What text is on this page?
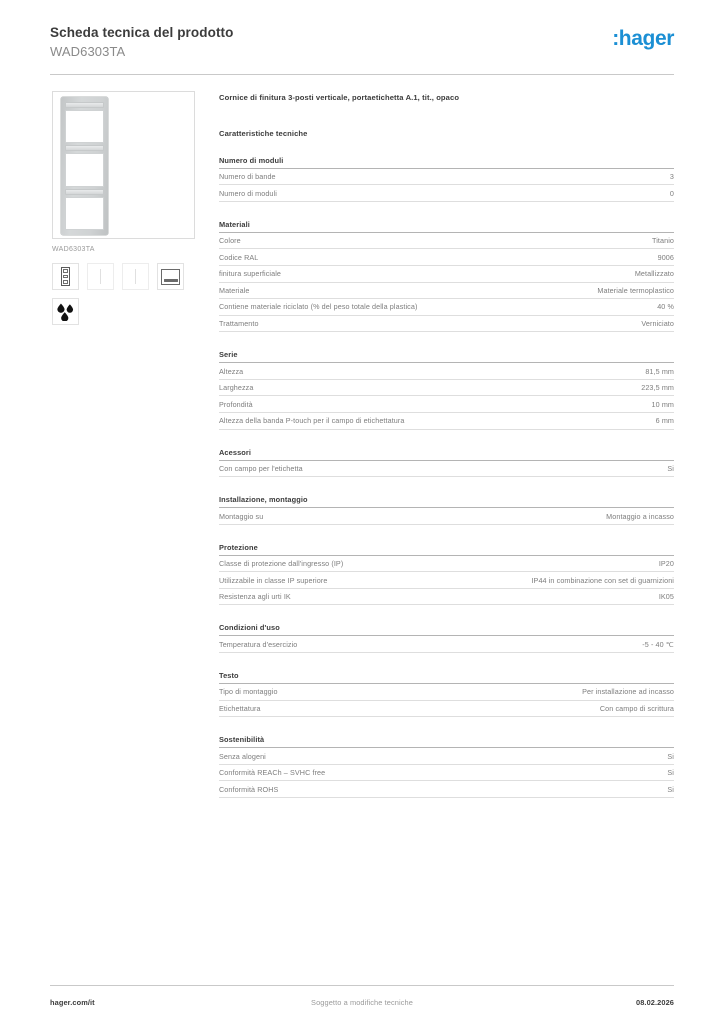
Scheda tecnica del prodotto
WAD6303TA
:hager
WAD6303TA
Cornice di finitura 3-posti verticale, portaetichetta A.1, tit., opaco
Caratteristiche tecniche
Numero di moduli
Numero di bande	3
Numero di moduli	0
Materiali
Colore	Titanio
Codice RAL	9006
finitura superficiale	Metallizzato
Materiale	Materiale termoplastico
Contiene materiale riciclato (% del peso totale della plastica)	40 %
Trattamento	Verniciato
Serie
Altezza	81,5 mm
Larghezza	223,5 mm
Profondità	10 mm
Altezza della banda P-touch per il campo di etichettatura	6 mm
Acessori
Con campo per l'etichetta	Si
Installazione, montaggio
Montaggio su	Montaggio a incasso
Protezione
Classe di protezione dall'ingresso (IP)	IP20
Utilizzabile in classe IP superiore	IP44 in combinazione con set di guarnizioni
Resistenza agli urti IK	IK05
Condizioni d'uso
Temperatura d'esercizio	-5 - 40 ℃
Testo
Tipo di montaggio	Per installazione ad incasso
Etichettatura	Con campo di scrittura
Sostenibilità
Senza alogeni	Si
Conformità REACh – SVHC free	Si
Conformità ROHS	Si
hager.com/it	Soggetto a modifiche tecniche	08.02.2026
